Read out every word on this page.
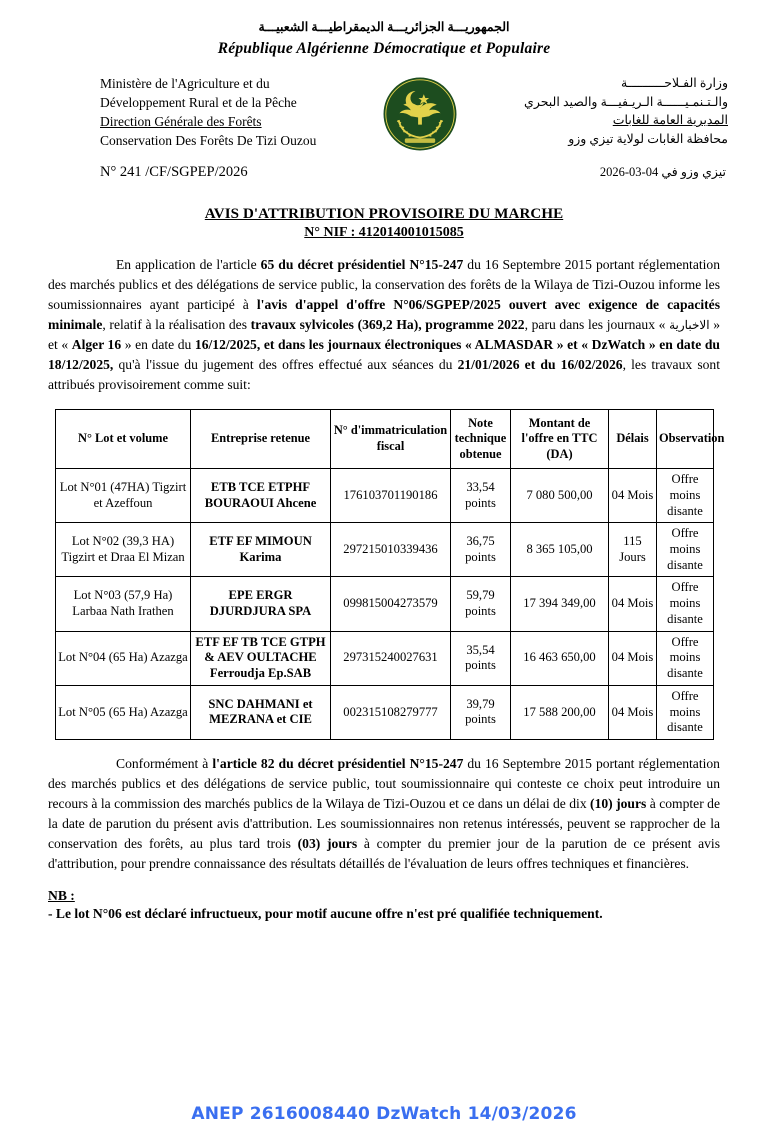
الجمهوريـــة الجزائريـــة الديمقراطيـــة الشعبيـــة
République Algérienne Démocratique et Populaire
Ministère de l'Agriculture et du
Développement Rural et de la Pêche
Direction Générale des Forêts
Conservation Des Forêts De Tizi Ouzou
وزارة الفـلاحــــــــــة
والـتـنمـيــــــة الـريـفيـــة والصيد البحري
المديرية العامة للغابات
محافظة الغابات لولاية تيزي وزو
N° 241 /CF/SGPEP/2026	تيزي وزو في 04-03-2026
AVIS D'ATTRIBUTION PROVISOIRE DU MARCHE
N° NIF : 412014001015085

En application de l'article 65 du décret présidentiel N°15-247 du 16 Septembre 2015 portant réglementation des marchés publics et des délégations de service public, la conservation des forêts de la Wilaya de Tizi-Ouzou informe les soumissionnaires ayant participé à l'avis d'appel d'offre N°06/SGPEP/2025 ouvert avec exigence de capacités minimale, relatif à la réalisation des travaux sylvicoles (369,2 Ha), programme 2022, paru dans les journaux « الاخبارية » et « Alger 16 » en date du 16/12/2025, et dans les journaux électroniques « ALMASDAR » et « DzWatch » en date du 18/12/2025, qu'à l'issue du jugement des offres effectué aux séances du 21/01/2026 et du 16/02/2026, les travaux sont attribués provisoirement comme suit:

N° Lot et volume	Entreprise retenue	N° d'immatriculation fiscal	Note technique obtenue	Montant de l'offre en TTC (DA)	Délais	Observation
Lot N°01 (47HA) Tigzirt et Azeffoun	ETB TCE ETPHF BOURAOUI Ahcene	176103701190186	33,54 points	7 080 500,00	04 Mois	Offre moins disante
Lot N°02 (39,3 HA) Tigzirt et Draa El Mizan	ETF EF MIMOUN Karima	297215010339436	36,75 points	8 365 105,00	115 Jours	Offre moins disante
Lot N°03 (57,9 Ha) Larbaa Nath Irathen	EPE ERGR DJURDJURA SPA	099815004273579	59,79 points	17 394 349,00	04 Mois	Offre moins disante
Lot N°04 (65 Ha) Azazga	ETF EF TB TCE GTPH & AEV OULTACHE Ferroudja Ep.SAB	297315240027631	35,54 points	16 463 650,00	04 Mois	Offre moins disante
Lot N°05 (65 Ha) Azazga	SNC DAHMANI et MEZRANA et CIE	002315108279777	39,79 points	17 588 200,00	04 Mois	Offre moins disante

Conformément à l'article 82 du décret présidentiel N°15-247 du 16 Septembre 2015 portant réglementation des marchés publics et des délégations de service public, tout soumissionnaire qui conteste ce choix peut introduire un recours à la commission des marchés publics de la Wilaya de Tizi-Ouzou et ce dans un délai de dix (10) jours à compter de la date de parution du présent avis d'attribution. Les soumissionnaires non retenus intéressés, peuvent se rapprocher de la conservation des forêts, au plus tard trois (03) jours à compter du premier jour de la parution de ce présent avis d'attribution, pour prendre connaissance des résultats détaillés de l'évaluation de leurs offres techniques et financières.

NB :
- Le lot N°06 est déclaré infructueux, pour motif aucune offre n'est pré qualifiée techniquement.
ANEP 2616008440 DzWatch 14/03/2026
